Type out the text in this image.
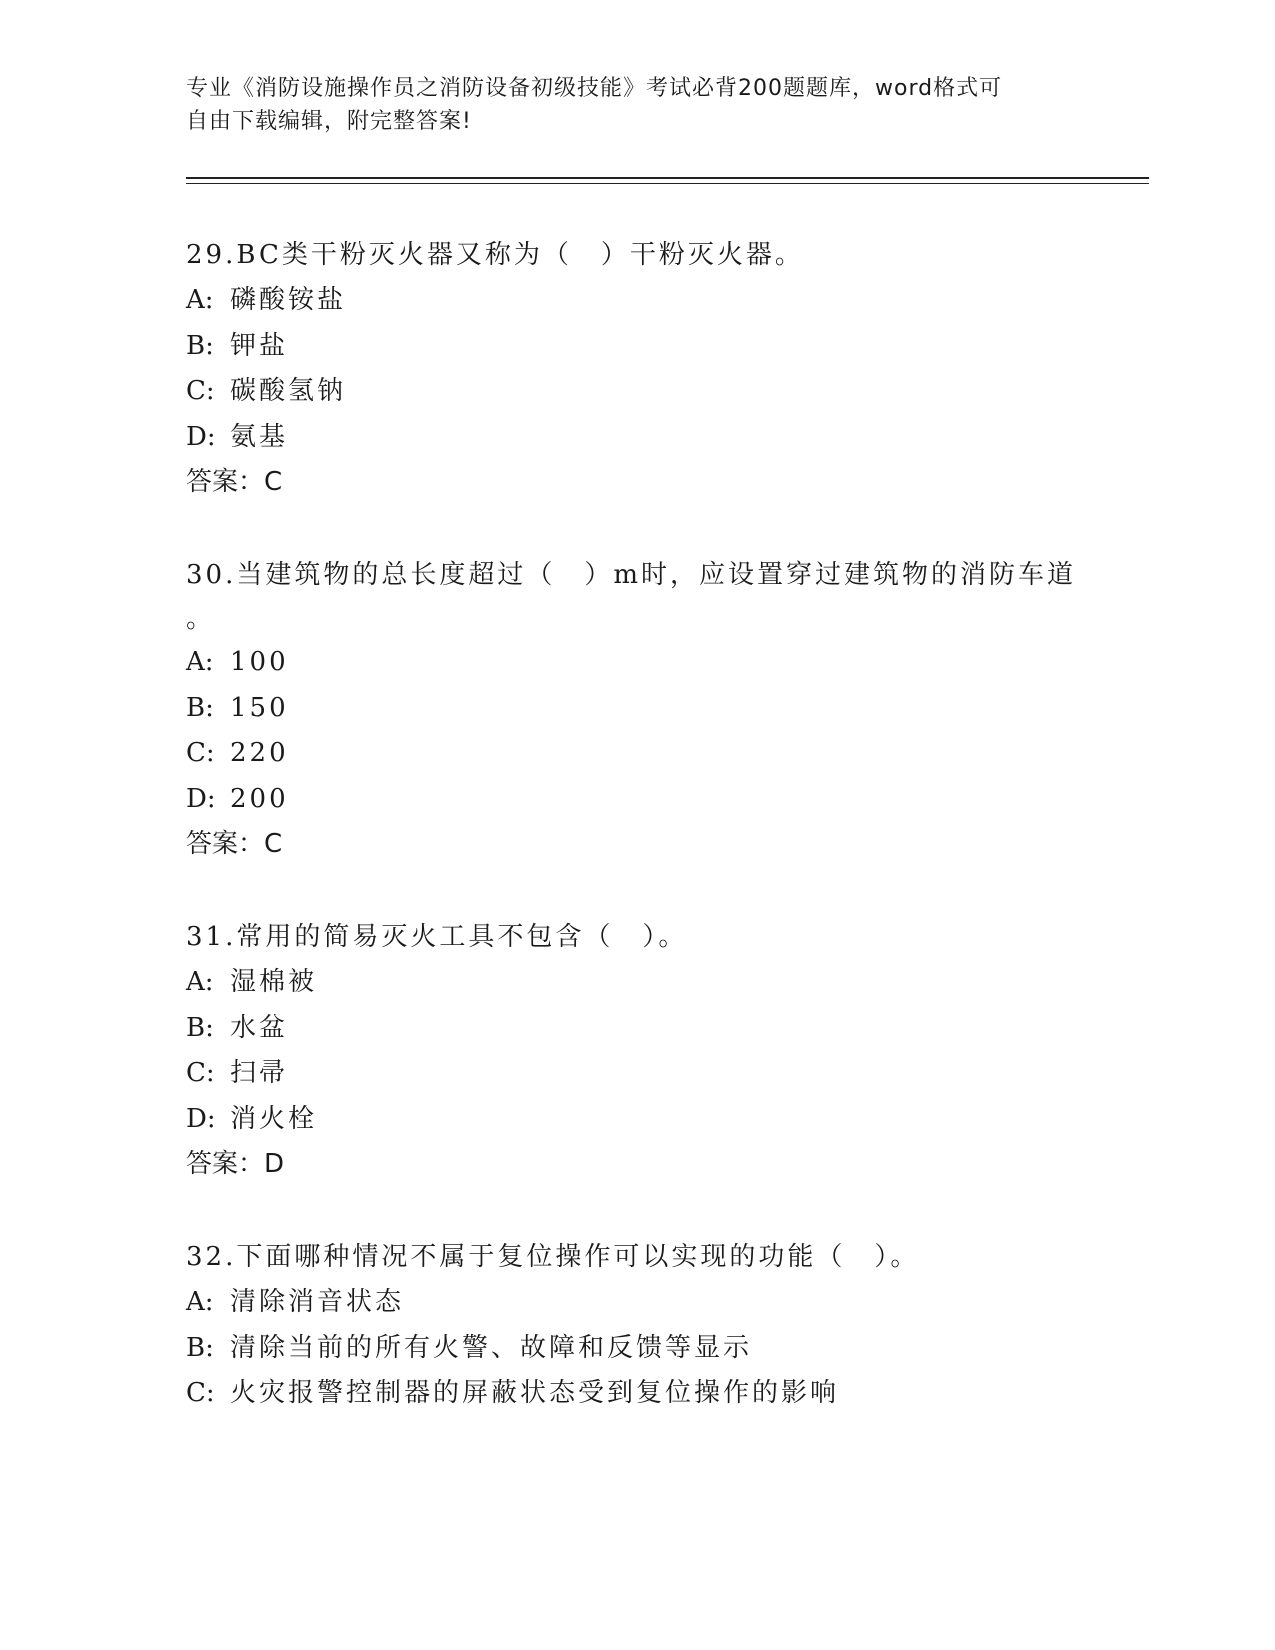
专业《消防设施操作员之消防设备初级技能》考试必背200题题库，word格式可
自由下载编辑，附完整答案!
29.BC类干粉灭火器又称为（　）干粉灭火器。
A: 磷酸铵盐
B: 钾盐
C: 碳酸氢钠
D: 氨基
答案：C
30.当建筑物的总长度超过（　）m时，应设置穿过建筑物的消防车道
。
A: 100
B: 150
C: 220
D: 200
答案：C
31.常用的简易灭火工具不包含（　）。
A: 湿棉被
B: 水盆
C: 扫帚
D: 消火栓
答案：D
32.下面哪种情况不属于复位操作可以实现的功能（　）。
A: 清除消音状态
B: 清除当前的所有火警、故障和反馈等显示
C: 火灾报警控制器的屏蔽状态受到复位操作的影响
